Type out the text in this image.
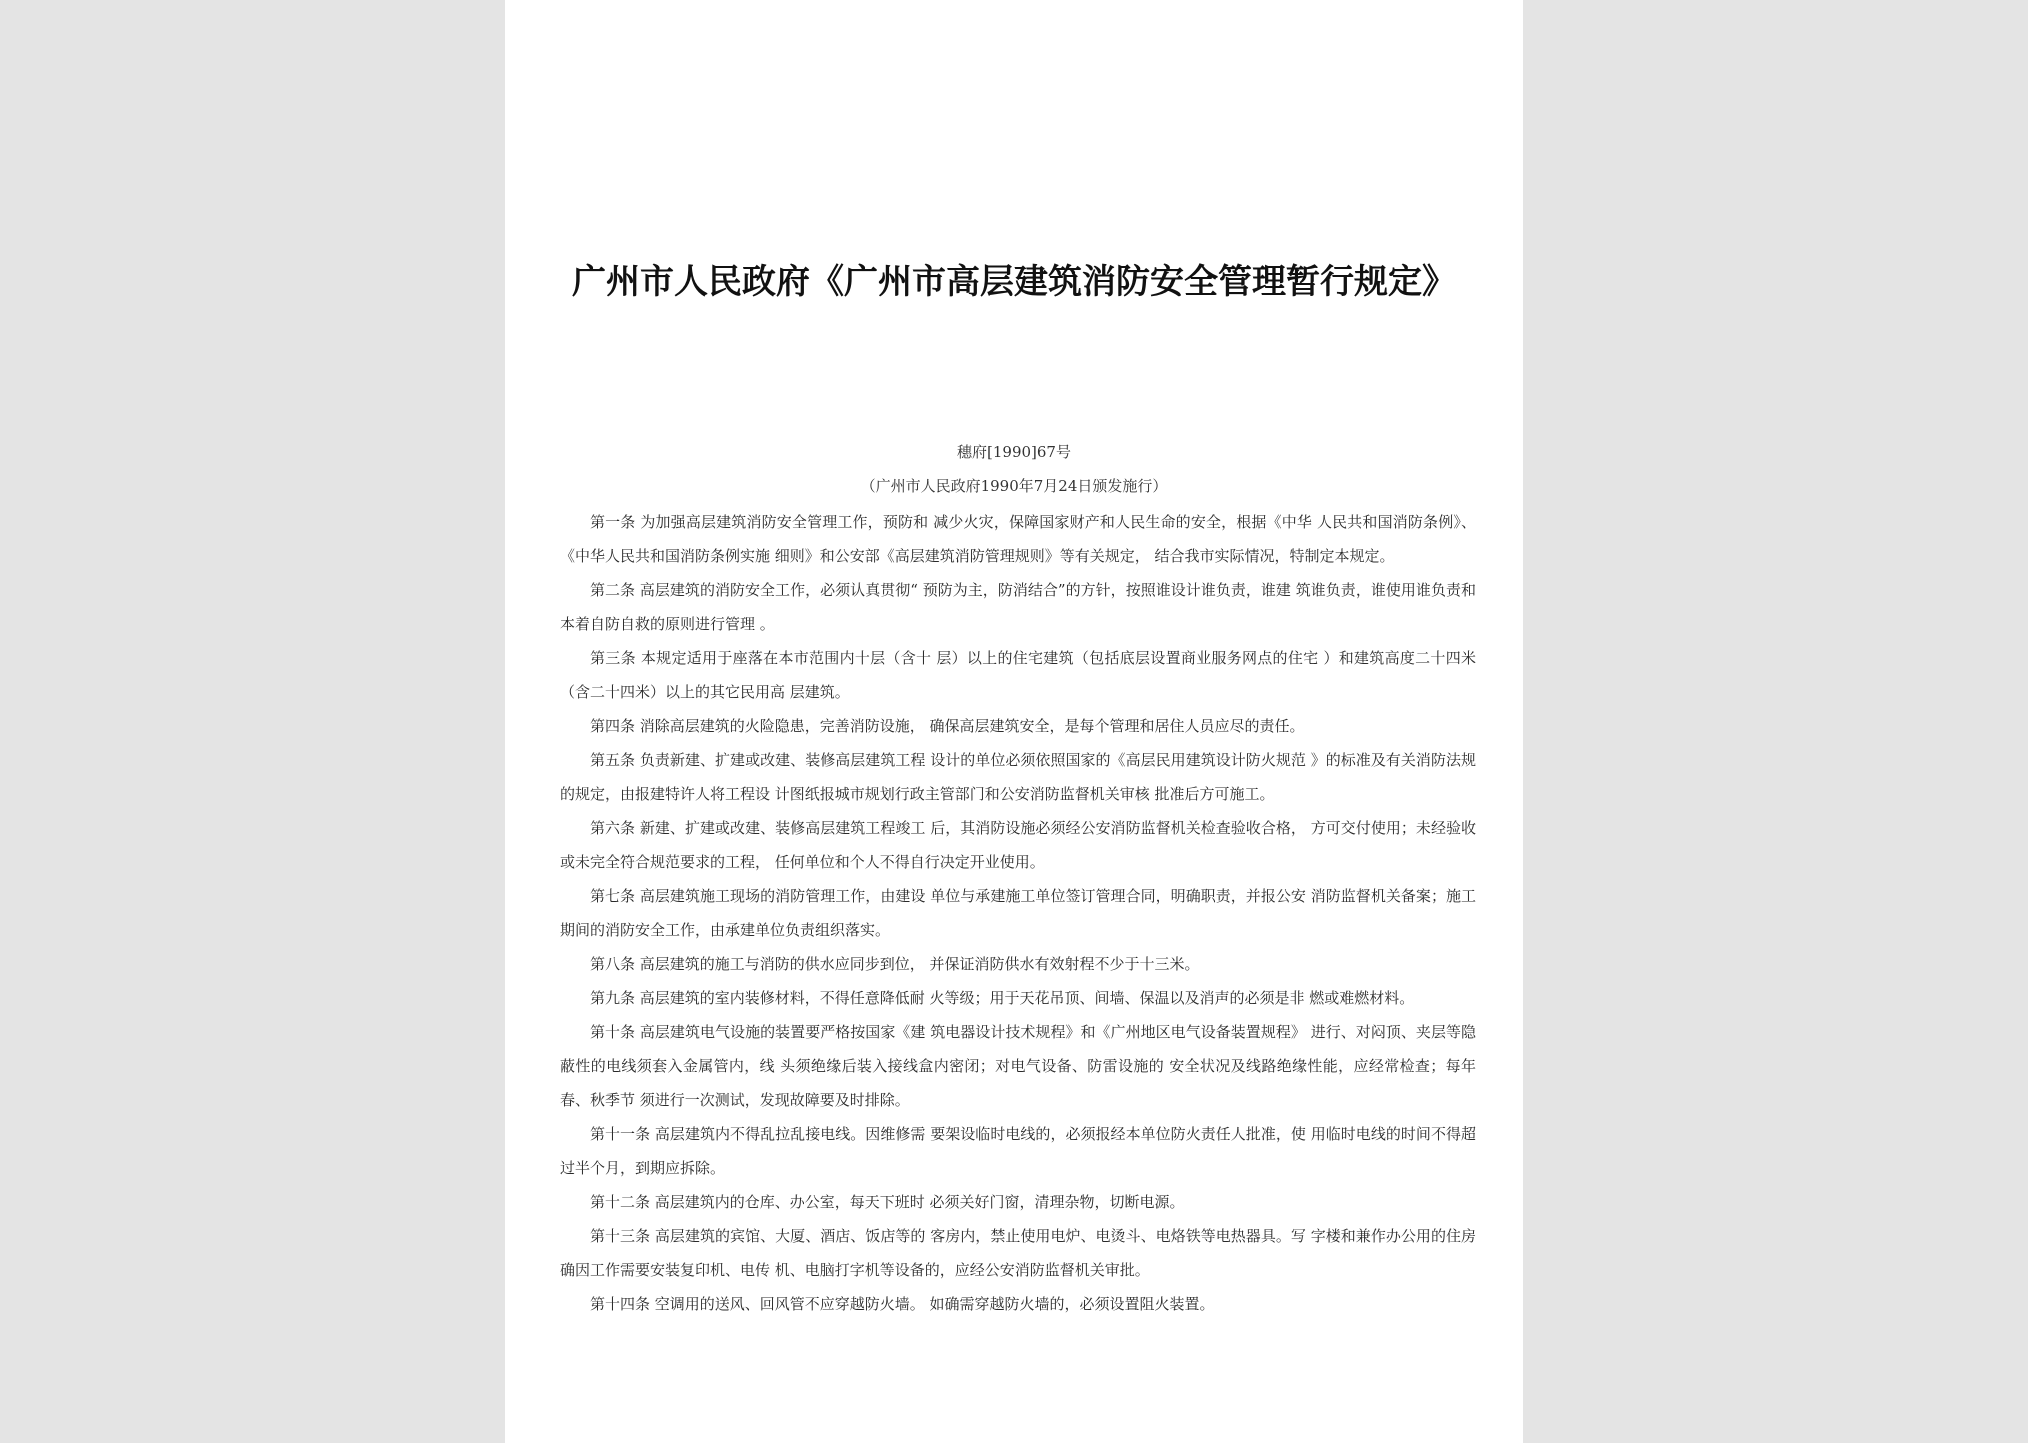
广州市人民政府《广州市高层建筑消防安全管理暂行规定》
穗府[1990]67号
（广州市人民政府1990年7月24日颁发施行）

第一条 为加强高层建筑消防安全管理工作，预防和 减少火灾，保障国家财产和人民生命的安全，根据《中华 人民共和国消防条例》、《中华人民共和国消防条例实施 细则》和公安部《高层建筑消防管理规则》等有关规定， 结合我市实际情况，特制定本规定。

第二条 高层建筑的消防安全工作，必须认真贯彻“ 预防为主，防消结合”的方针，按照谁设计谁负责，谁建 筑谁负责，谁使用谁负责和本着自防自救的原则进行管理 。

第三条 本规定适用于座落在本市范围内十层（含十 层）以上的住宅建筑（包括底层设置商业服务网点的住宅 ）和建筑高度二十四米（含二十四米）以上的其它民用高 层建筑。

第四条 消除高层建筑的火险隐患，完善消防设施， 确保高层建筑安全，是每个管理和居住人员应尽的责任。

第五条 负责新建、扩建或改建、装修高层建筑工程 设计的单位必须依照国家的《高层民用建筑设计防火规范 》的标准及有关消防法规的规定，由报建特许人将工程设 计图纸报城市规划行政主管部门和公安消防监督机关审核 批准后方可施工。

第六条 新建、扩建或改建、装修高层建筑工程竣工 后，其消防设施必须经公安消防监督机关检查验收合格， 方可交付使用；未经验收或未完全符合规范要求的工程， 任何单位和个人不得自行决定开业使用。

第七条 高层建筑施工现场的消防管理工作，由建设 单位与承建施工单位签订管理合同，明确职责，并报公安 消防监督机关备案；施工期间的消防安全工作，由承建单位负责组织落实。

第八条 高层建筑的施工与消防的供水应同步到位， 并保证消防供水有效射程不少于十三米。

第九条 高层建筑的室内装修材料，不得任意降低耐 火等级；用于天花吊顶、间墙、保温以及消声的必须是非 燃或难燃材料。

第十条 高层建筑电气设施的装置要严格按国家《建 筑电器设计技术规程》和《广州地区电气设备装置规程》 进行、对闷顶、夹层等隐蔽性的电线须套入金属管内，线 头须绝缘后装入接线盒内密闭；对电气设备、防雷设施的 安全状况及线路绝缘性能，应经常检查；每年春、秋季节 须进行一次测试，发现故障要及时排除。

第十一条 高层建筑内不得乱拉乱接电线。因维修需 要架设临时电线的，必须报经本单位防火责任人批准，使 用临时电线的时间不得超过半个月，到期应拆除。

第十二条 高层建筑内的仓库、办公室，每天下班时 必须关好门窗，清理杂物，切断电源。

第十三条 高层建筑的宾馆、大厦、酒店、饭店等的 客房内，禁止使用电炉、电烫斗、电烙铁等电热器具。写 字楼和兼作办公用的住房确因工作需要安装复印机、电传 机、电脑打字机等设备的，应经公安消防监督机关审批。

第十四条 空调用的送风、回风管不应穿越防火墙。 如确需穿越防火墙的，必须设置阻火装置。
